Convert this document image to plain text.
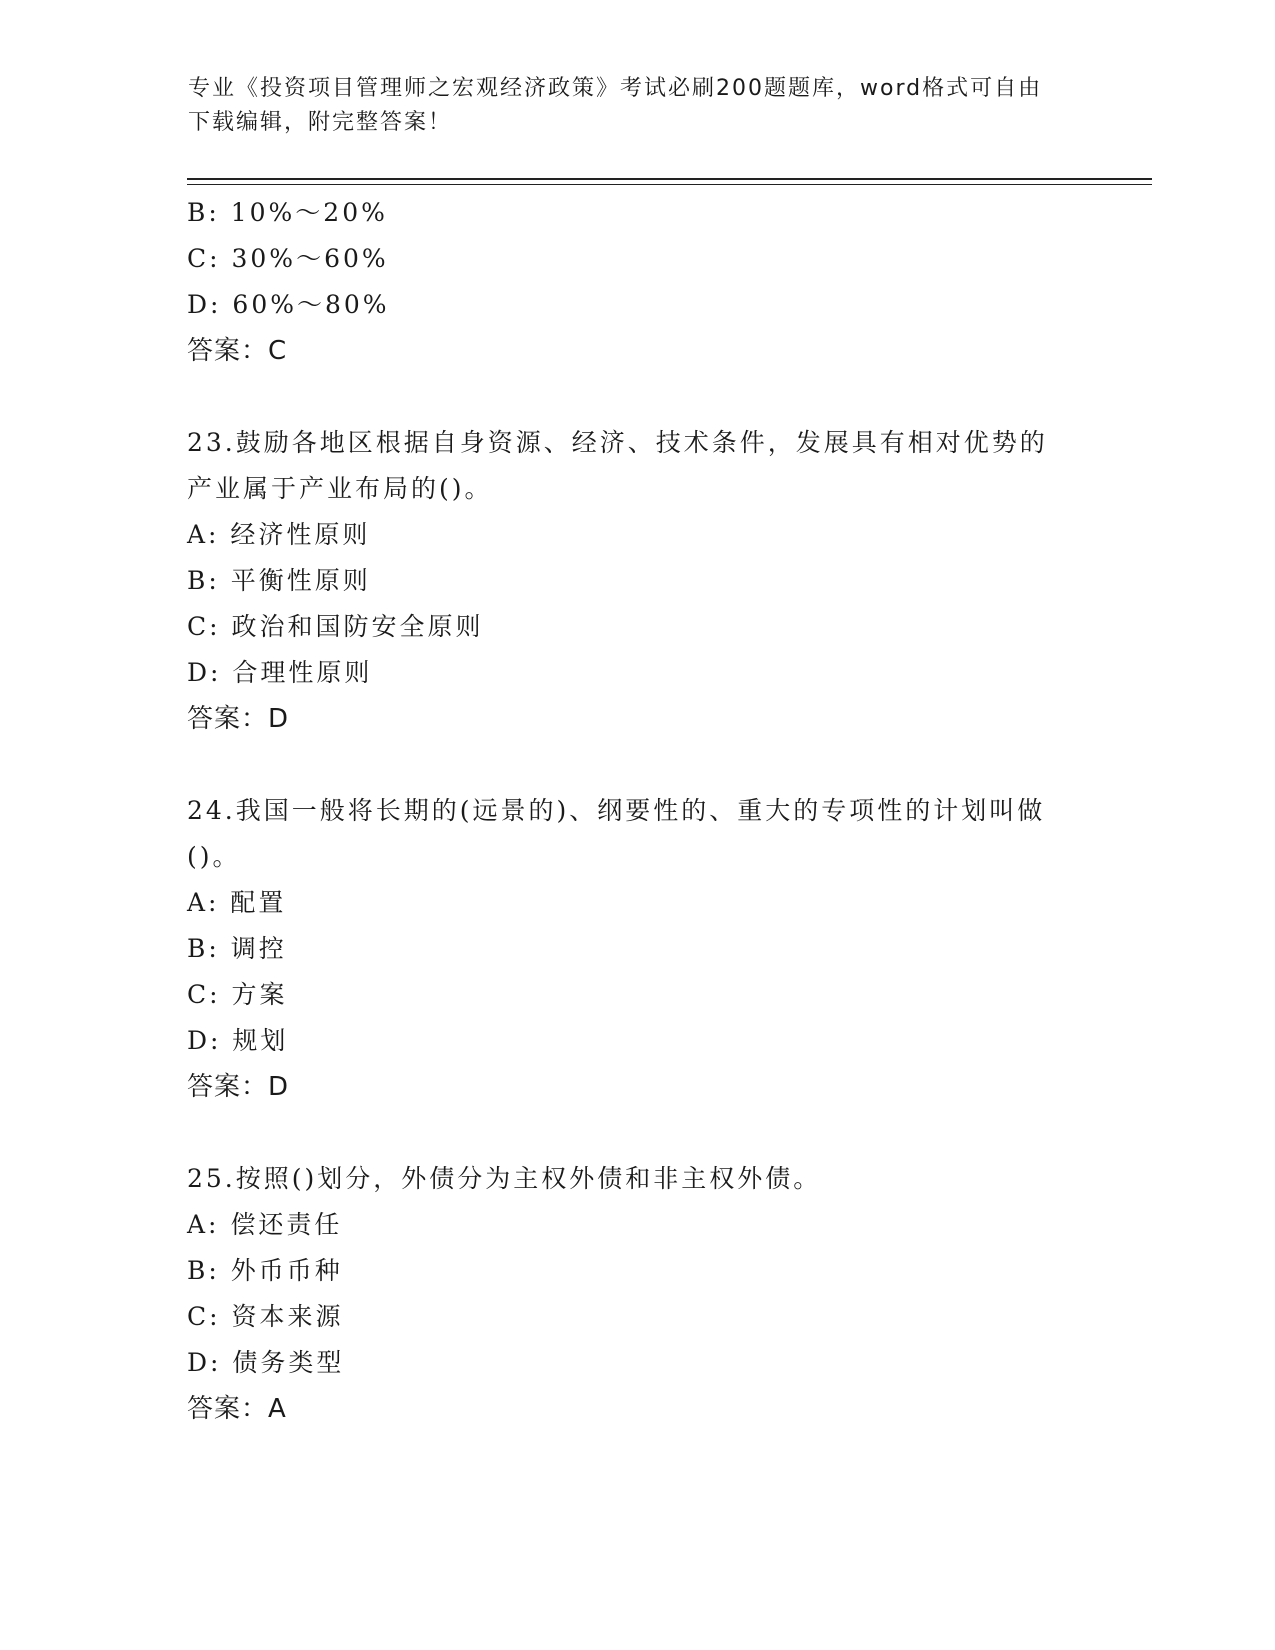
专业《投资项目管理师之宏观经济政策》考试必刷200题题库，word格式可自由
下载编辑，附完整答案！
B: 10%～20%
C: 30%～60%
D: 60%～80%
答案：C
23.鼓励各地区根据自身资源、经济、技术条件，发展具有相对优势的
产业属于产业布局的()。
A: 经济性原则
B: 平衡性原则
C: 政治和国防安全原则
D: 合理性原则
答案：D
24.我国一般将长期的(远景的)、纲要性的、重大的专项性的计划叫做
()。
A: 配置
B: 调控
C: 方案
D: 规划
答案：D
25.按照()划分，外债分为主权外债和非主权外债。
A: 偿还责任
B: 外币币种
C: 资本来源
D: 债务类型
答案：A
